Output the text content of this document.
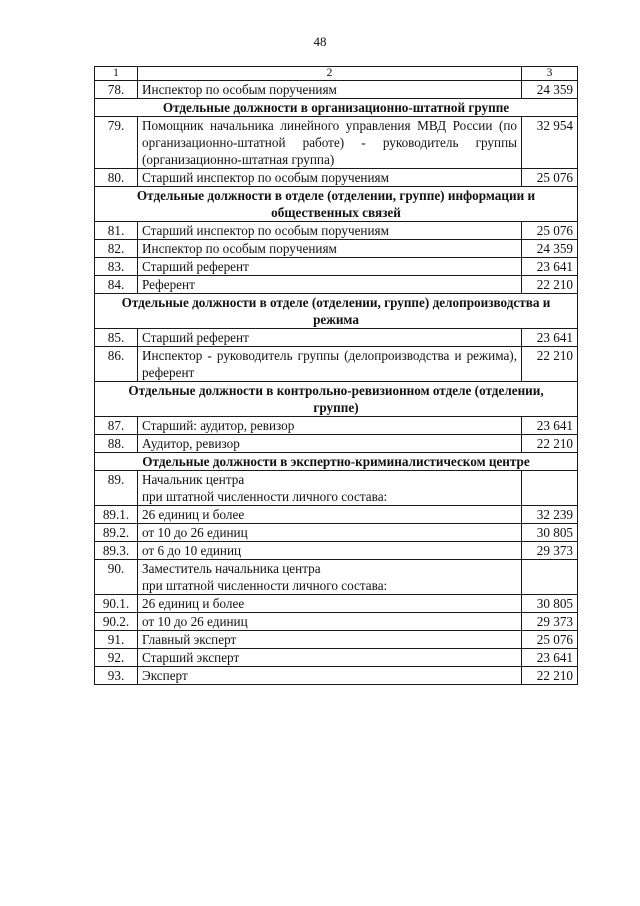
48
1	2	3
78.	Инспектор по особым поручениям	24 359
Отдельные должности в организационно-штатной группе		
79.	Помощник начальника линейного управления МВД России (по организационно-штатной работе) - руководитель группы (организационно-штатная группа)	32 954
80.	Старший инспектор по особым поручениям	25 076
Отдельные должности в отделе (отделении, группе) информации и общественных связей		
81.	Старший инспектор по особым поручениям	25 076
82.	Инспектор по особым поручениям	24 359
83.	Старший референт	23 641
84.	Референт	22 210
Отдельные должности в отделе (отделении, группе) делопроизводства и режима		
85.	Старший референт	23 641
86.	Инспектор - руководитель группы (делопроизводства и режима), референт	22 210
Отдельные должности в контрольно-ревизионном отделе (отделении, группе)		
87.	Старший: аудитор, ревизор	23 641
88.	Аудитор, ревизор	22 210
Отдельные должности в экспертно-криминалистическом центре		
89.	Начальник центра
при штатной численности личного состава:	
89.1.	26 единиц и более	32 239
89.2.	от 10 до 26 единиц	30 805
89.3.	от 6 до 10 единиц	29 373
90.	Заместитель начальника центра
при штатной численности личного состава:	
90.1.	26 единиц и более	30 805
90.2.	от 10 до 26 единиц	29 373
91.	Главный эксперт	25 076
92.	Старший эксперт	23 641
93.	Эксперт	22 210
